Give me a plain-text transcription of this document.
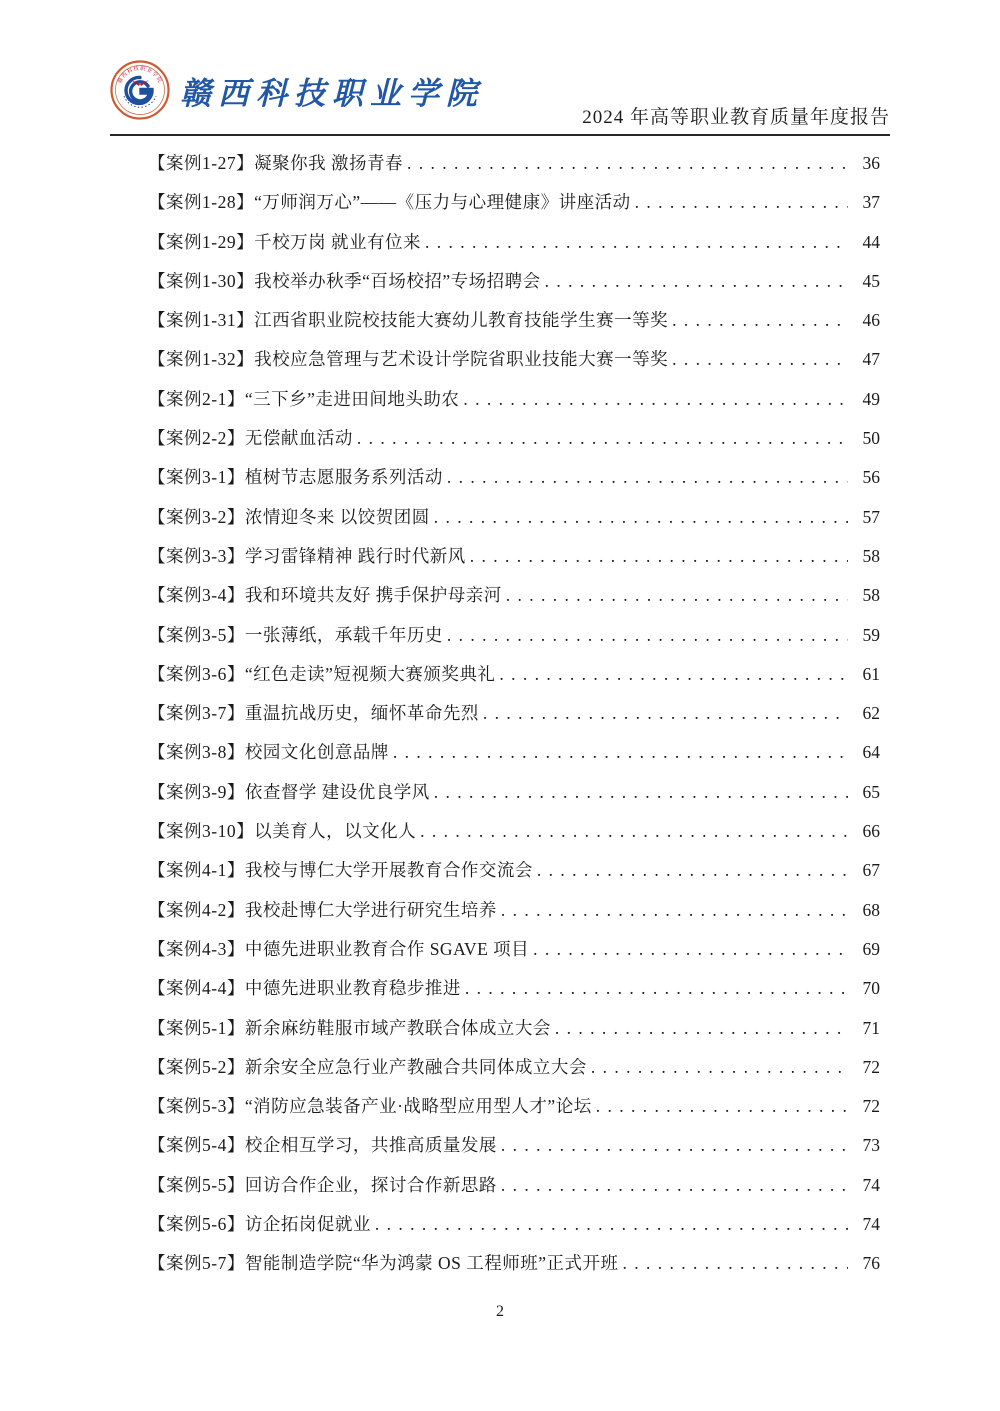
赣西科技职业学院 赣西科技职业学院
2024 年高等职业教育质量年度报告
【案例1-27】凝聚你我 激扬青春 . . .	36
【案例1-28】“万师润万心”——《压力与心理健康》讲座活动 . . .	37
【案例1-29】千校万岗 就业有位来 . . .	44
【案例1-30】我校举办秋季“百场校招”专场招聘会 . . .	45
【案例1-31】江西省职业院校技能大赛幼儿教育技能学生赛一等奖 . . .	46
【案例1-32】我校应急管理与艺术设计学院省职业技能大赛一等奖 . . .	47
【案例2-1】“三下乡”走进田间地头助农 . . .	49
【案例2-2】无偿献血活动 . . .	50
【案例3-1】植树节志愿服务系列活动 . . .	56
【案例3-2】浓情迎冬来 以饺贺团圆 . . .	57
【案例3-3】学习雷锋精神 践行时代新风 . . .	58
【案例3-4】我和环境共友好 携手保护母亲河 . . .	58
【案例3-5】一张薄纸，承载千年历史 . . .	59
【案例3-6】“红色走读”短视频大赛颁奖典礼 . . .	61
【案例3-7】重温抗战历史，缅怀革命先烈 . . .	62
【案例3-8】校园文化创意品牌 . . .	64
【案例3-9】依查督学 建设优良学风 . . .	65
【案例3-10】以美育人，以文化人 . . .	66
【案例4-1】我校与博仁大学开展教育合作交流会 . . .	67
【案例4-2】我校赴博仁大学进行研究生培养 . . .	68
【案例4-3】中德先进职业教育合作 SGAVE 项目 . . .	69
【案例4-4】中德先进职业教育稳步推进 . . .	70
【案例5-1】新余麻纺鞋服市域产教联合体成立大会 . . .	71
【案例5-2】新余安全应急行业产教融合共同体成立大会 . . .	72
【案例5-3】“消防应急装备产业·战略型应用型人才”论坛 . . .	72
【案例5-4】校企相互学习，共推高质量发展 . . .	73
【案例5-5】回访合作企业，探讨合作新思路 . . .	74
【案例5-6】访企拓岗促就业 . . .	74
【案例5-7】智能制造学院“华为鸿蒙 OS 工程师班”正式开班 . . .	76
2
